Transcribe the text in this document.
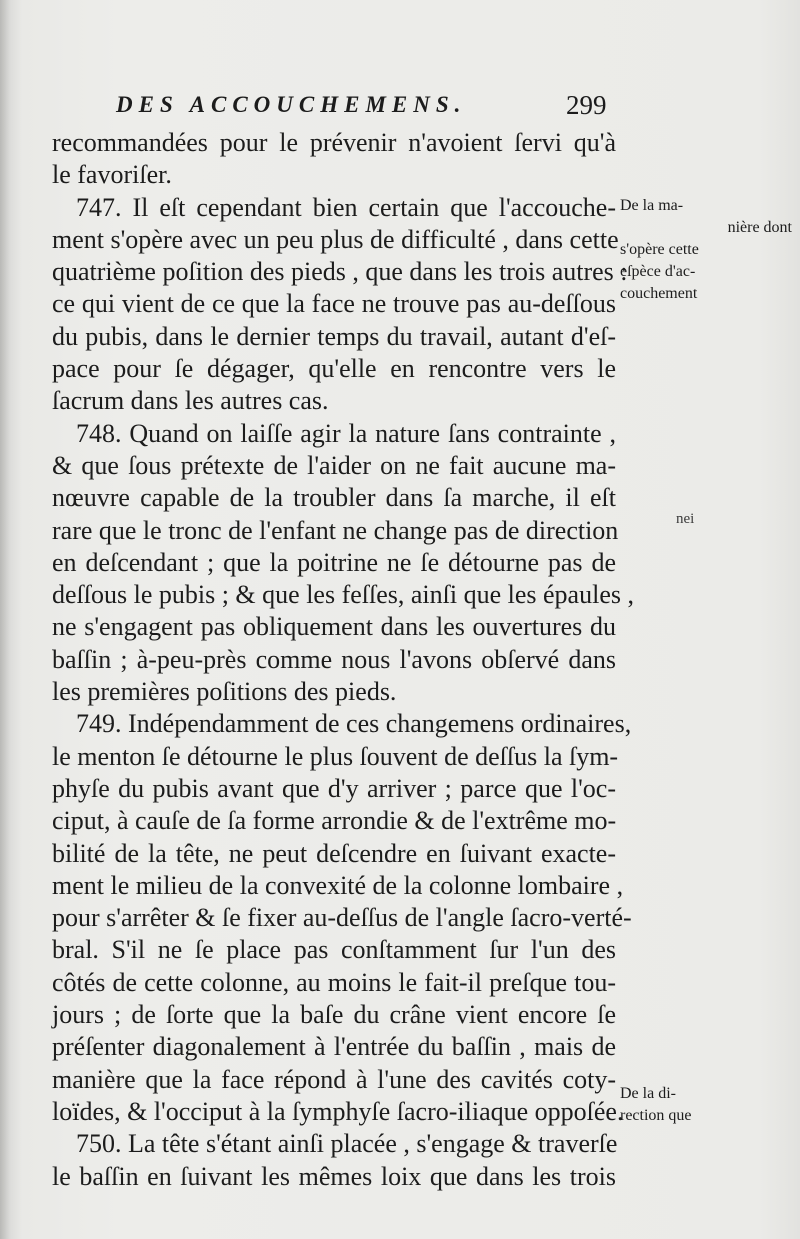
DES ACCOUCHEMENS.	299
recommandées pour le prévenir n'avoient ſervi qu'à
le favoriſer.
747. Il eſt cependant bien certain que l'accouche-
ment s'opère avec un peu plus de difficulté , dans cette
quatrième poſition des pieds , que dans les trois autres :
ce qui vient de ce que la face ne trouve pas au-deſſous
du pubis, dans le dernier temps du travail, autant d'eſ-
pace pour ſe dégager, qu'elle en rencontre vers le
ſacrum dans les autres cas.
748. Quand on laiſſe agir la nature ſans contrainte ,
& que ſous prétexte de l'aider on ne fait aucune ma-
nœuvre capable de la troubler dans ſa marche, il eſt
rare que le tronc de l'enfant ne change pas de direction
en deſcendant ; que la poitrine ne ſe détourne pas de
deſſous le pubis ; & que les feſſes, ainſi que les épaules ,
ne s'engagent pas obliquement dans les ouvertures du
baſſin ; à-peu-près comme nous l'avons obſervé dans
les premières poſitions des pieds.
749. Indépendamment de ces changemens ordinaires,
le menton ſe détourne le plus ſouvent de deſſus la ſym-
phyſe du pubis avant que d'y arriver ; parce que l'oc-
ciput, à cauſe de ſa forme arrondie & de l'extrême mo-
bilité de la tête, ne peut deſcendre en ſuivant exacte-
ment le milieu de la convexité de la colonne lombaire ,
pour s'arrêter & ſe fixer au-deſſus de l'angle ſacro-verté-
bral. S'il ne ſe place pas conſtamment ſur l'un des
côtés de cette colonne, au moins le fait-il preſque tou-
jours ; de ſorte que la baſe du crâne vient encore ſe
préſenter diagonalement à l'entrée du baſſin , mais de
manière que la face répond à l'une des cavités coty-
loïdes, & l'occiput à la ſymphyſe ſacro-iliaque oppoſée.
750. La tête s'étant ainſi placée , s'engage & traverſe
le baſſin en ſuivant les mêmes loix que dans les trois
De la ma-
nière dont
s'opère cette
eſpèce d'ac-
couchement
nei
De la di-
rection que
